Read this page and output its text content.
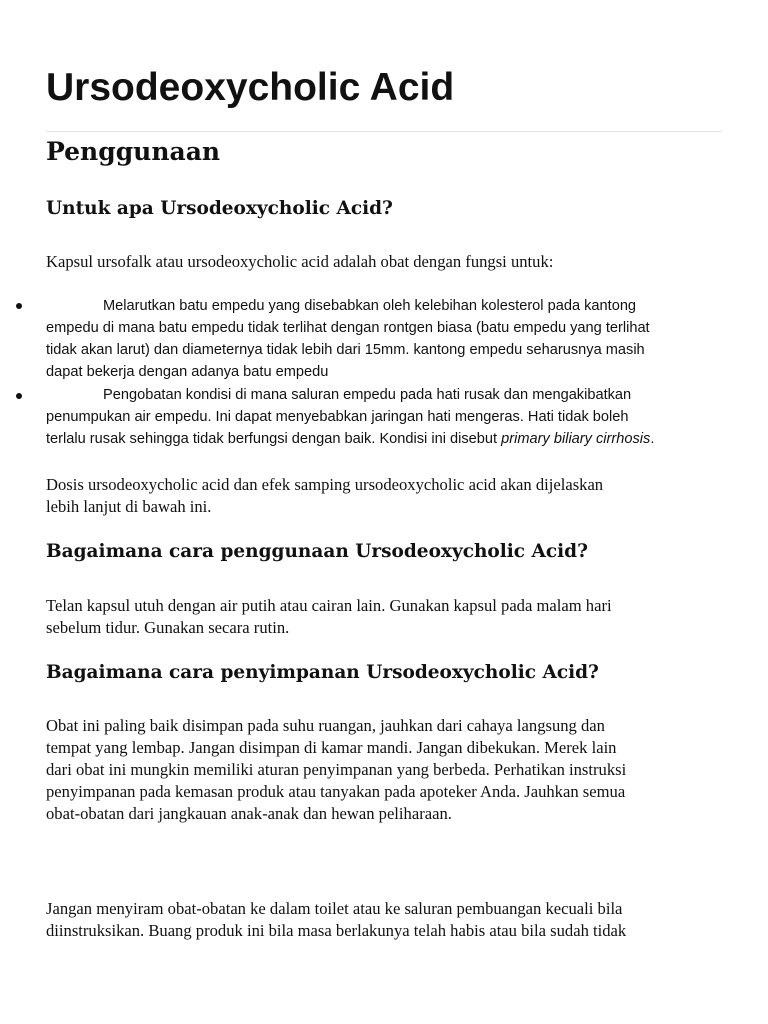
Ursodeoxycholic Acid
Penggunaan
Untuk apa Ursodeoxycholic Acid?

Kapsul ursofalk atau ursodeoxycholic acid adalah obat dengan fungsi untuk:

Melarutkan batu empedu yang disebabkan oleh kelebihan kolesterol pada kantong
empedu di mana batu empedu tidak terlihat dengan rontgen biasa (batu empedu yang terlihat
tidak akan larut) dan diameternya tidak lebih dari 15mm. kantong empedu seharusnya masih
dapat bekerja dengan adanya batu empedu
Pengobatan kondisi di mana saluran empedu pada hati rusak dan mengakibatkan
penumpukan air empedu. Ini dapat menyebabkan jaringan hati mengeras. Hati tidak boleh
terlalu rusak sehingga tidak berfungsi dengan baik. Kondisi ini disebut primary biliary cirrhosis.

Dosis ursodeoxycholic acid dan efek samping ursodeoxycholic acid akan dijelaskan
lebih lanjut di bawah ini.

Bagaimana cara penggunaan Ursodeoxycholic Acid?

Telan kapsul utuh dengan air putih atau cairan lain. Gunakan kapsul pada malam hari
sebelum tidur. Gunakan secara rutin.

Bagaimana cara penyimpanan Ursodeoxycholic Acid?

Obat ini paling baik disimpan pada suhu ruangan, jauhkan dari cahaya langsung dan
tempat yang lembap. Jangan disimpan di kamar mandi. Jangan dibekukan. Merek lain
dari obat ini mungkin memiliki aturan penyimpanan yang berbeda. Perhatikan instruksi
penyimpanan pada kemasan produk atau tanyakan pada apoteker Anda. Jauhkan semua
obat-obatan dari jangkauan anak-anak dan hewan peliharaan.

Jangan menyiram obat-obatan ke dalam toilet atau ke saluran pembuangan kecuali bila
diinstruksikan. Buang produk ini bila masa berlakunya telah habis atau bila sudah tidak
